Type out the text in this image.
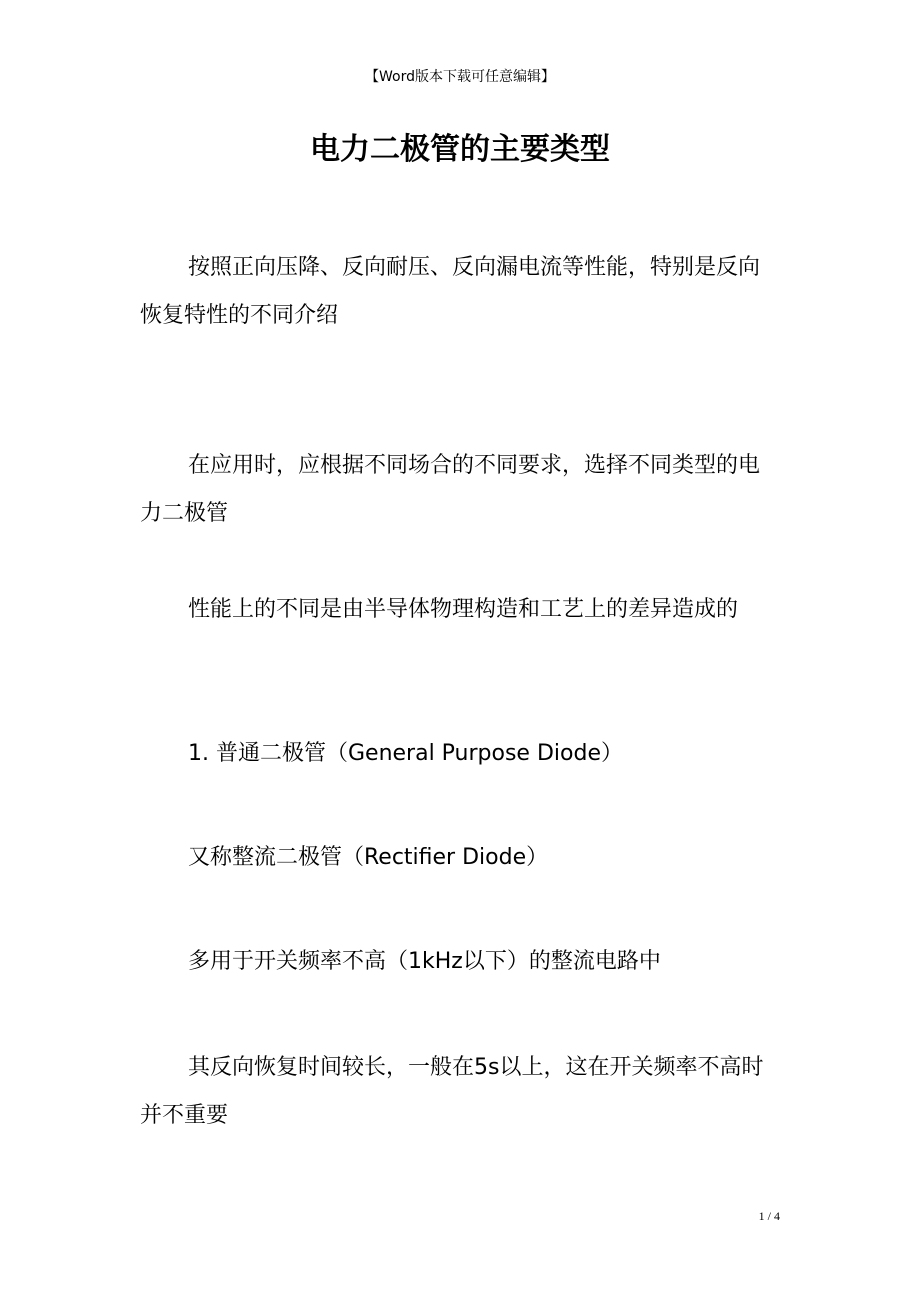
【Word版本下载可任意编辑】
电力二极管的主要类型

按照正向压降、反向耐压、反向漏电流等性能，特别是反向恢复特性的不同介绍

在应用时，应根据不同场合的不同要求，选择不同类型的电力二极管

性能上的不同是由半导体物理构造和工艺上的差异造成的

1. 普通二极管（General Purpose Diode）

又称整流二极管（Rectifier Diode）

多用于开关频率不高（1kHz以下）的整流电路中

其反向恢复时间较长，一般在5s以上，这在开关频率不高时并不重要

1 / 4
